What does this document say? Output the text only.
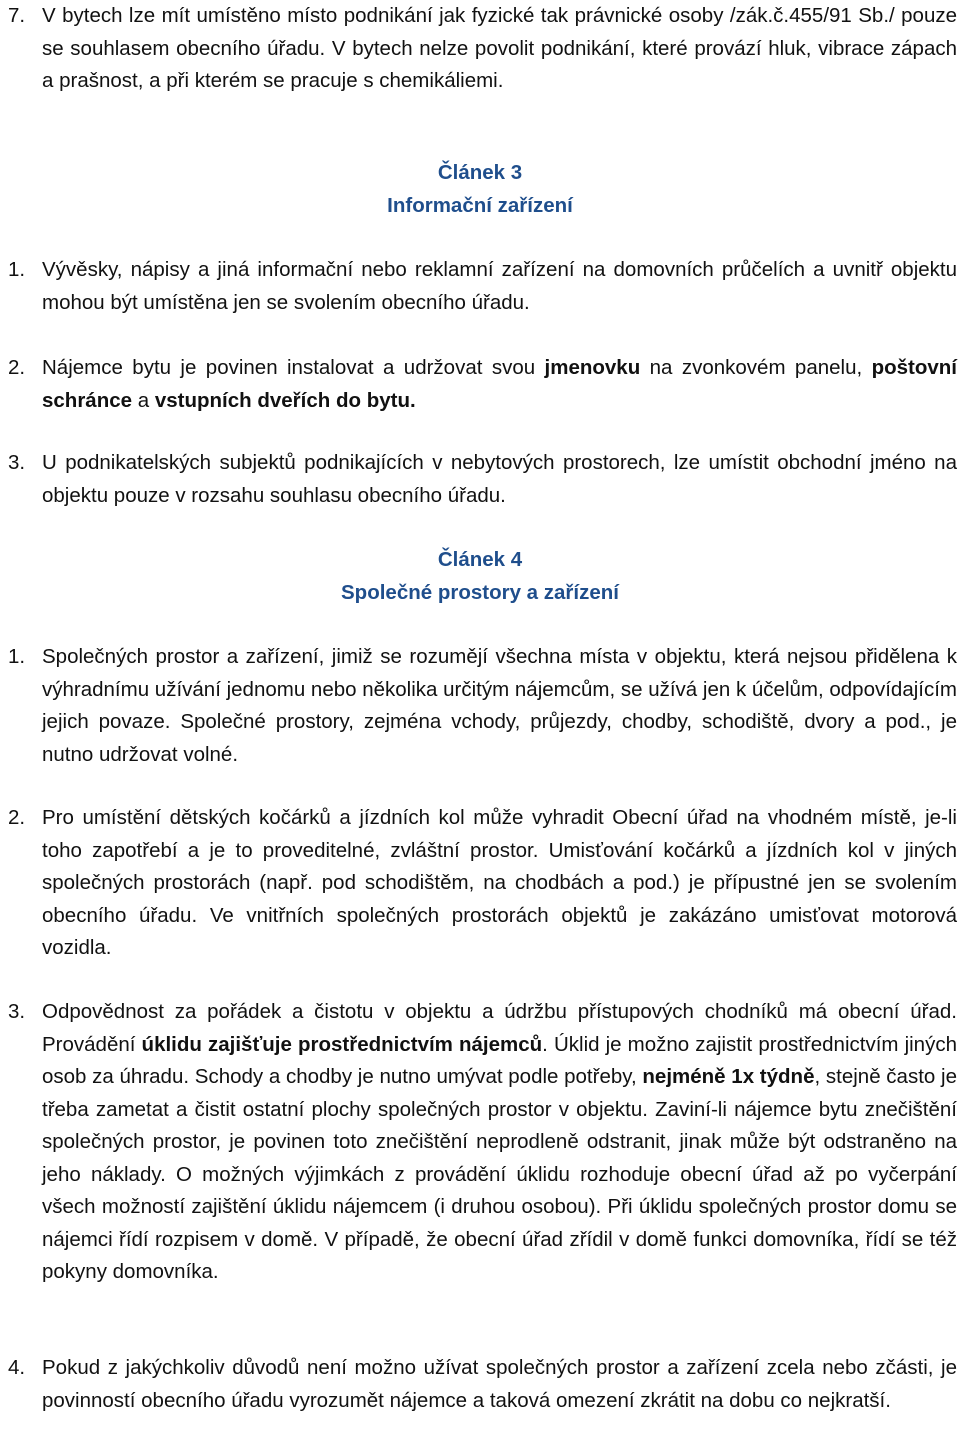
7. V bytech lze mít umístěno místo podnikání jak fyzické tak právnické osoby /zák.č.455/91 Sb./ pouze se souhlasem obecního úřadu. V bytech nelze povolit podnikání, které provází hluk, vibrace zápach a prašnost, a při kterém se pracuje s chemikáliemi.
Článek 3
Informační zařízení
1. Vývěsky, nápisy a jiná informační nebo reklamní zařízení na domovních průčelích a uvnitř objektu mohou být umístěna jen se svolením obecního úřadu.
2. Nájemce bytu je povinen instalovat a udržovat svou jmenovku na zvonkovém panelu, poštovní schránce a vstupních dveřích do bytu.
3. U podnikatelských subjektů podnikajících v nebytových prostorech, lze umístit obchodní jméno na objektu pouze v rozsahu souhlasu obecního úřadu.
Článek 4
Společné prostory a zařízení
1. Společných prostor a zařízení, jimiž se rozumějí všechna místa v objektu, která nejsou přidělena k výhradnímu užívání jednomu nebo několika určitým nájemcům, se užívá jen k účelům, odpovídajícím jejich povaze. Společné prostory, zejména vchody, průjezdy, chodby, schodiště, dvory a pod., je nutno udržovat volné.
2. Pro umístění dětských kočárků a jízdních kol může vyhradit Obecní úřad na vhodném místě, je-li toho zapotřebí a je to proveditelné, zvláštní prostor. Umisťování kočárků a jízdních kol v jiných společných prostorách (např. pod schodištěm, na chodbách a pod.) je přípustné jen se svolením obecního úřadu. Ve vnitřních společných prostorách objektů je zakázáno umisťovat motorová vozidla.
3. Odpovědnost za pořádek a čistotu v objektu a údržbu přístupových chodníků má obecní úřad. Provádění úklidu zajišťuje prostřednictvím nájemců. Úklid je možno zajistit prostřednictvím jiných osob za úhradu. Schody a chodby je nutno umývat podle potřeby, nejméně 1x týdně, stejně často je třeba zametat a čistit ostatní plochy společných prostor v objektu. Zaviní-li nájemce bytu znečištění společných prostor, je povinen toto znečištění neprodleně odstranit, jinak může být odstraněno na jeho náklady. O možných výjimkách z provádění úklidu rozhoduje obecní úřad až po vyčerpání všech možností zajištění úklidu nájemcem (i druhou osobou). Při úklidu společných prostor domu se nájemci řídí rozpisem v domě. V případě, že obecní úřad zřídil v domě funkci domovníka, řídí se též pokyny domovníka.
4. Pokud z jakýchkoliv důvodů není možno užívat společných prostor a zařízení zcela nebo zčásti, je povinností obecního úřadu vyrozumět nájemce a taková omezení zkrátit na dobu co nejkratší.
